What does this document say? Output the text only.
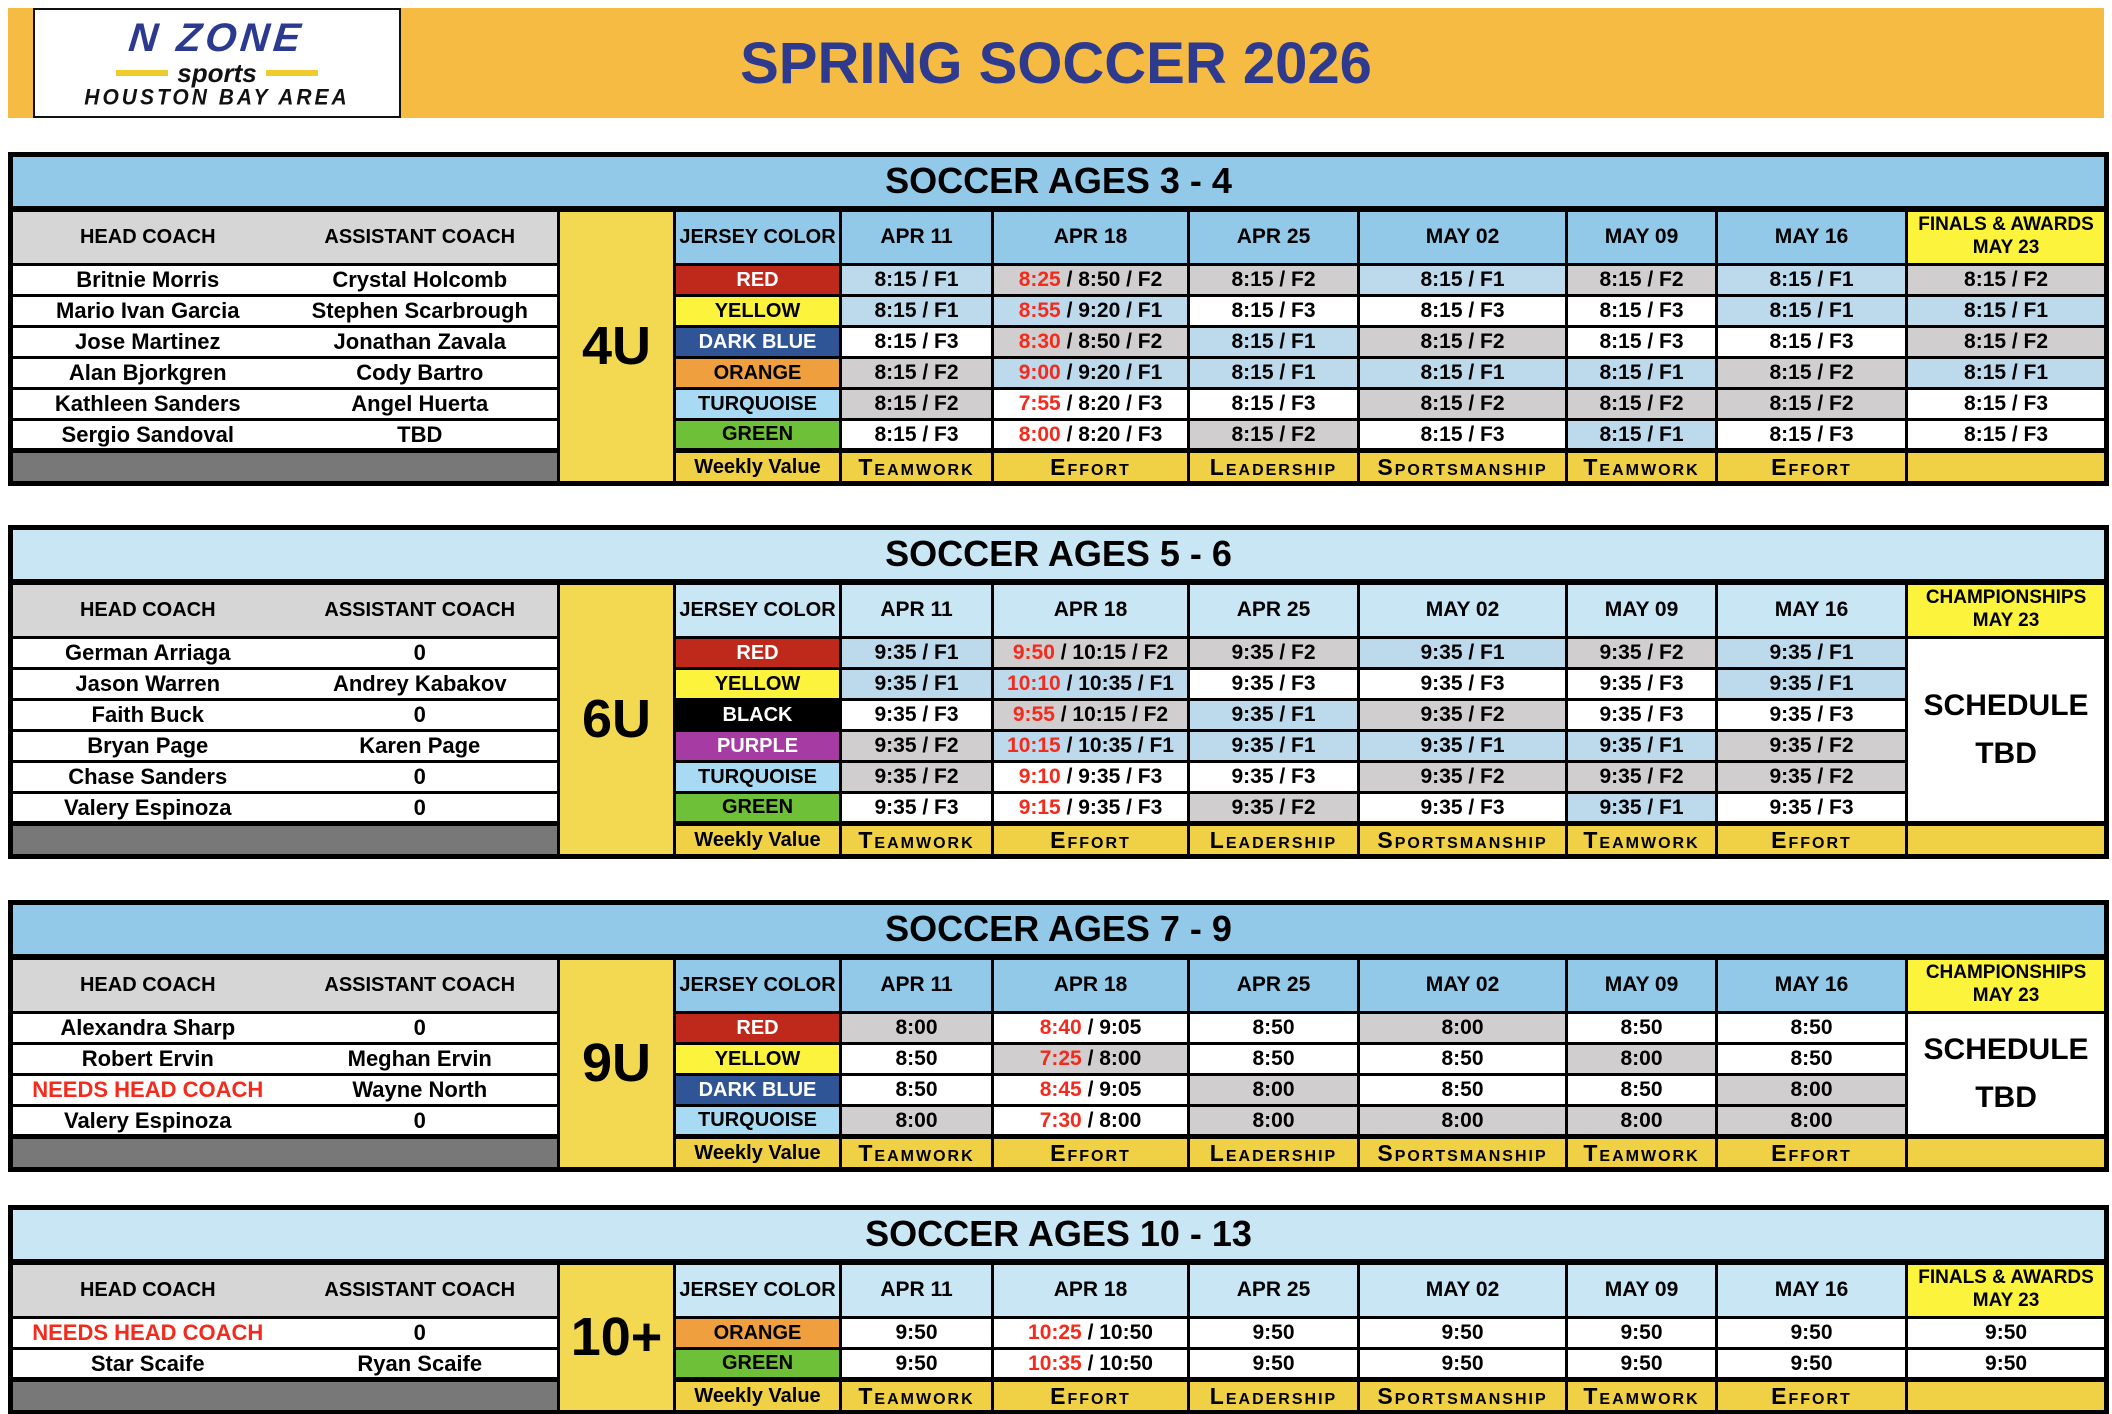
SPRING SOCCER 2026
N ZONE
sports
HOUSTON BAY AREA
SOCCER AGES 3 - 4										
HEAD COACH	ASSISTANT COACH	4U	JERSEY COLOR	APR 11	APR 18	APR 25	MAY 02	MAY 09	MAY 16	FINALS & AWARDS
MAY 23

Britnie Morris	Crystal Holcomb		RED	8:15 / F1	8:25 / 8:50 / F2	8:15 / F2	8:15 / F1	8:15 / F2	8:15 / F1	8:15 / F2
Mario Ivan Garcia	Stephen Scarbrough		YELLOW	8:15 / F1	8:55 / 9:20 / F1	8:15 / F3	8:15 / F3	8:15 / F3	8:15 / F1	8:15 / F1
Jose Martinez	Jonathan Zavala		DARK BLUE	8:15 / F3	8:30 / 8:50 / F2	8:15 / F1	8:15 / F2	8:15 / F3	8:15 / F3	8:15 / F2
Alan Bjorkgren	Cody Bartro		ORANGE	8:15 / F2	9:00 / 9:20 / F1	8:15 / F1	8:15 / F1	8:15 / F1	8:15 / F2	8:15 / F1
Kathleen Sanders	Angel Huerta		TURQUOISE	8:15 / F2	7:55 / 8:20 / F3	8:15 / F3	8:15 / F2	8:15 / F2	8:15 / F2	8:15 / F3
Sergio Sandoval	TBD		GREEN	8:15 / F3	8:00 / 8:20 / F3	8:15 / F2	8:15 / F3	8:15 / F1	8:15 / F3	8:15 / F3
			Weekly Value	Teamwork	Effort	Leadership	Sportsmanship	Teamwork	Effort	
SOCCER AGES 5 - 6										
HEAD COACH	ASSISTANT COACH	6U	JERSEY COLOR	APR 11	APR 18	APR 25	MAY 02	MAY 09	MAY 16	CHAMPIONSHIPS
MAY 23

German Arriaga	0		RED	9:35 / F1	9:50 / 10:15 / F2	9:35 / F2	9:35 / F1	9:35 / F2	9:35 / F1	SCHEDULE
TBD

Jason Warren	Andrey Kabakov		YELLOW	9:35 / F1	10:10 / 10:35 / F1	9:35 / F3	9:35 / F3	9:35 / F3	9:35 / F1	
Faith Buck	0		BLACK	9:35 / F3	9:55 / 10:15 / F2	9:35 / F1	9:35 / F2	9:35 / F3	9:35 / F3	
Bryan Page	Karen Page		PURPLE	9:35 / F2	10:15 / 10:35 / F1	9:35 / F1	9:35 / F1	9:35 / F1	9:35 / F2	
Chase Sanders	0		TURQUOISE	9:35 / F2	9:10 / 9:35 / F3	9:35 / F3	9:35 / F2	9:35 / F2	9:35 / F2	
Valery Espinoza	0		GREEN	9:35 / F3	9:15 / 9:35 / F3	9:35 / F2	9:35 / F3	9:35 / F1	9:35 / F3	
			Weekly Value	Teamwork	Effort	Leadership	Sportsmanship	Teamwork	Effort	
SOCCER AGES 7 - 9										
HEAD COACH	ASSISTANT COACH	9U	JERSEY COLOR	APR 11	APR 18	APR 25	MAY 02	MAY 09	MAY 16	CHAMPIONSHIPS
MAY 23

Alexandra Sharp	0		RED	8:00	8:40 / 9:05	8:50	8:00	8:50	8:50	SCHEDULE
TBD

Robert Ervin	Meghan Ervin		YELLOW	8:50	7:25 / 8:00	8:50	8:50	8:00	8:50	
NEEDS HEAD COACH	Wayne North		DARK BLUE	8:50	8:45 / 9:05	8:00	8:50	8:50	8:00	
Valery Espinoza	0		TURQUOISE	8:00	7:30 / 8:00	8:00	8:00	8:00	8:00	
			Weekly Value	Teamwork	Effort	Leadership	Sportsmanship	Teamwork	Effort	
SOCCER AGES 10 - 13										
HEAD COACH	ASSISTANT COACH	10+	JERSEY COLOR	APR 11	APR 18	APR 25	MAY 02	MAY 09	MAY 16	FINALS & AWARDS
MAY 23

NEEDS HEAD COACH	0		ORANGE	9:50	10:25 / 10:50	9:50	9:50	9:50	9:50	9:50
Star Scaife	Ryan Scaife		GREEN	9:50	10:35 / 10:50	9:50	9:50	9:50	9:50	9:50
			Weekly Value	Teamwork	Effort	Leadership	Sportsmanship	Teamwork	Effort	
